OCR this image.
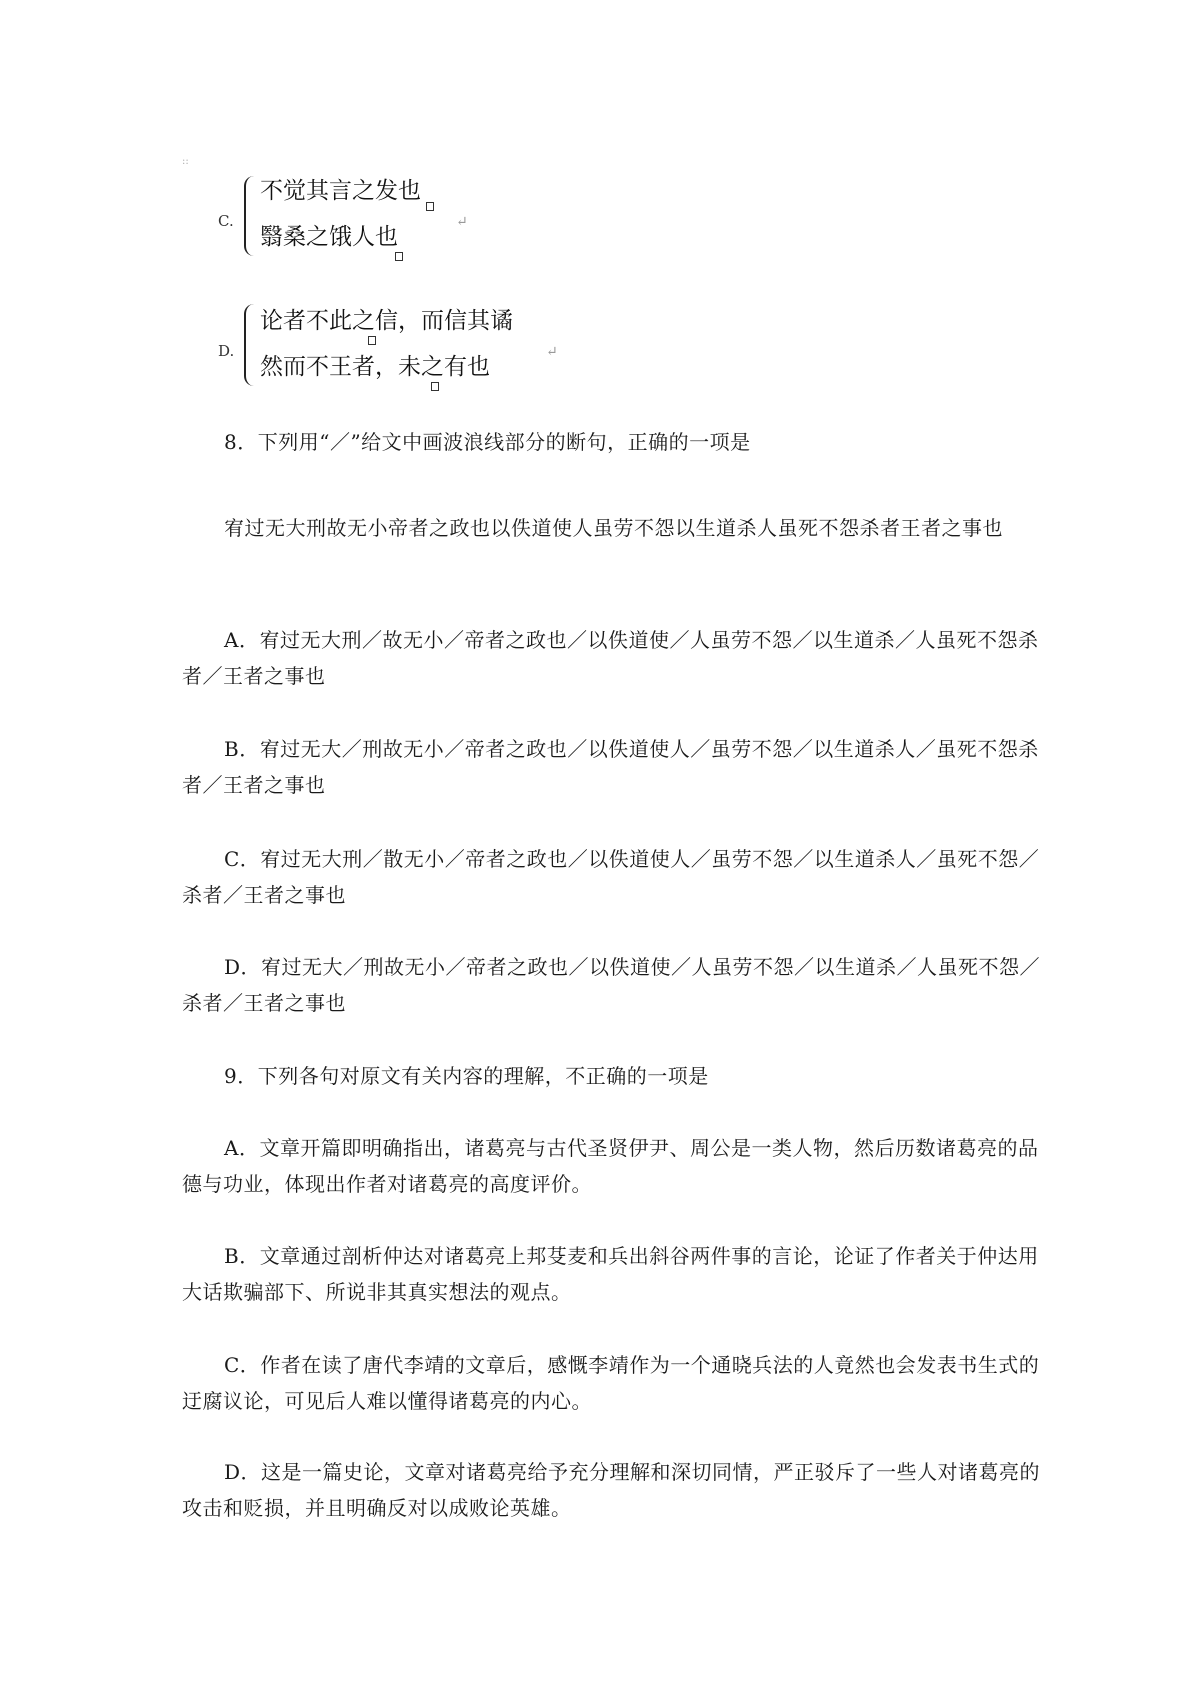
::
C.
不觉其言之发也
翳桑之饿人也
↵
D.
论者不此之信，而信其谲
然而不王者，未之有也
↵

8．下列用“／”给文中画波浪线部分的断句，正确的一项是

宥过无大刑故无小帝者之政也以佚道使人虽劳不怨以生道杀人虽死不怨杀者王者之事也

A．宥过无大刑／故无小／帝者之政也／以佚道使／人虽劳不怨／以生道杀／人虽死不怨杀者／王者之事也

B．宥过无大／刑故无小／帝者之政也／以佚道使人／虽劳不怨／以生道杀人／虽死不怨杀者／王者之事也

C．宥过无大刑／散无小／帝者之政也／以佚道使人／虽劳不怨／以生道杀人／虽死不怨／杀者／王者之事也

D．宥过无大／刑故无小／帝者之政也／以佚道使／人虽劳不怨／以生道杀／人虽死不怨／杀者／王者之事也

9．下列各句对原文有关内容的理解，不正确的一项是

A．文章开篇即明确指出，诸葛亮与古代圣贤伊尹、周公是一类人物，然后历数诸葛亮的品德与功业，体现出作者对诸葛亮的高度评价。

B．文章通过剖析仲达对诸葛亮上邦芟麦和兵出斜谷两件事的言论，论证了作者关于仲达用大话欺骗部下、所说非其真实想法的观点。

C．作者在读了唐代李靖的文章后，感慨李靖作为一个通晓兵法的人竟然也会发表书生式的迂腐议论，可见后人难以懂得诸葛亮的内心。

D．这是一篇史论，文章对诸葛亮给予充分理解和深切同情，严正驳斥了一些人对诸葛亮的攻击和贬损，并且明确反对以成败论英雄。
